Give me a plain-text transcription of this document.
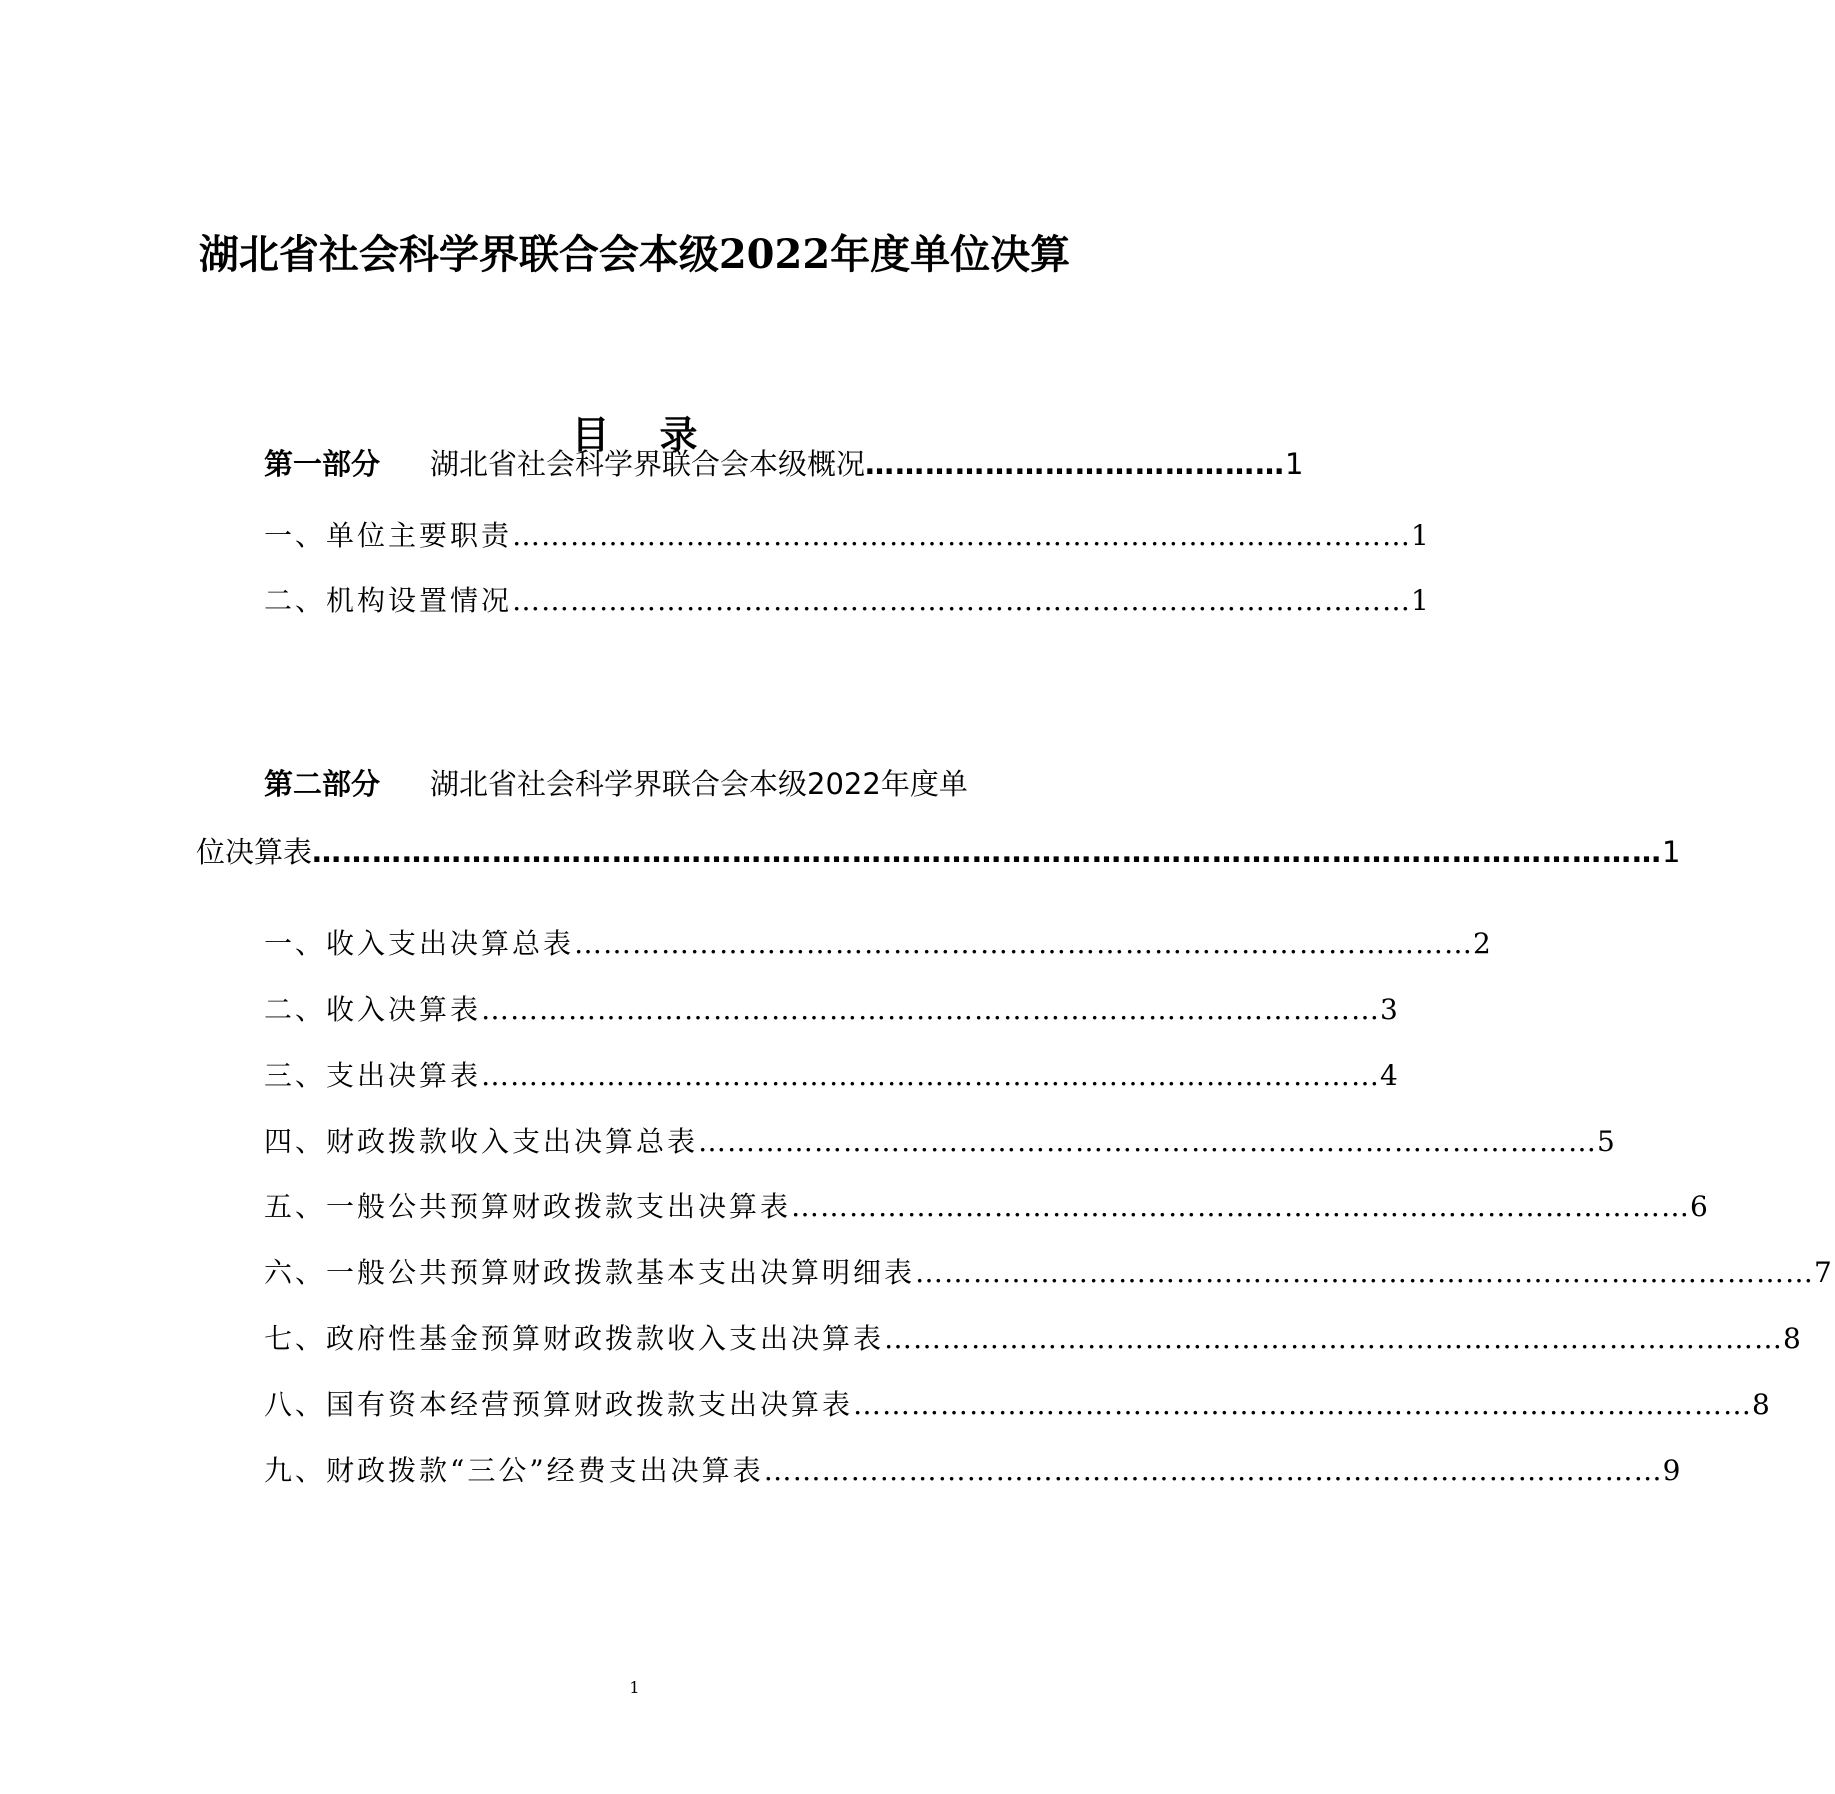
湖北省社会科学界联合会本级2022年度单位决算
目录
第一部分 湖北省社会科学界联合会本级概况 …………………………………… 1
一、单位主要职责 ………………………………………………………………………………… 1
二、机构设置情况 ………………………………………………………………………………… 1
第二部分 湖北省社会科学界联合会本级2022年度单
位决算表 ……………………………………………………………………………………………………………………… 1
一、收入支出决算总表 ………………………………………………………………………………… 2
二、收入决算表 ………………………………………………………………………………… 3
三、支出决算表 ………………………………………………………………………………… 4
四、财政拨款收入支出决算总表 ………………………………………………………………………………… 5
五、一般公共预算财政拨款支出决算表 ………………………………………………………………………………… 6
六、一般公共预算财政拨款基本支出决算明细表 ………………………………………………………………………………… 7
七、政府性基金预算财政拨款收入支出决算表 ………………………………………………………………………………… 8
八、国有资本经营预算财政拨款支出决算表 ………………………………………………………………………………… 8
九、财政拨款“三公”经费支出决算表 ………………………………………………………………………………… 9
1
